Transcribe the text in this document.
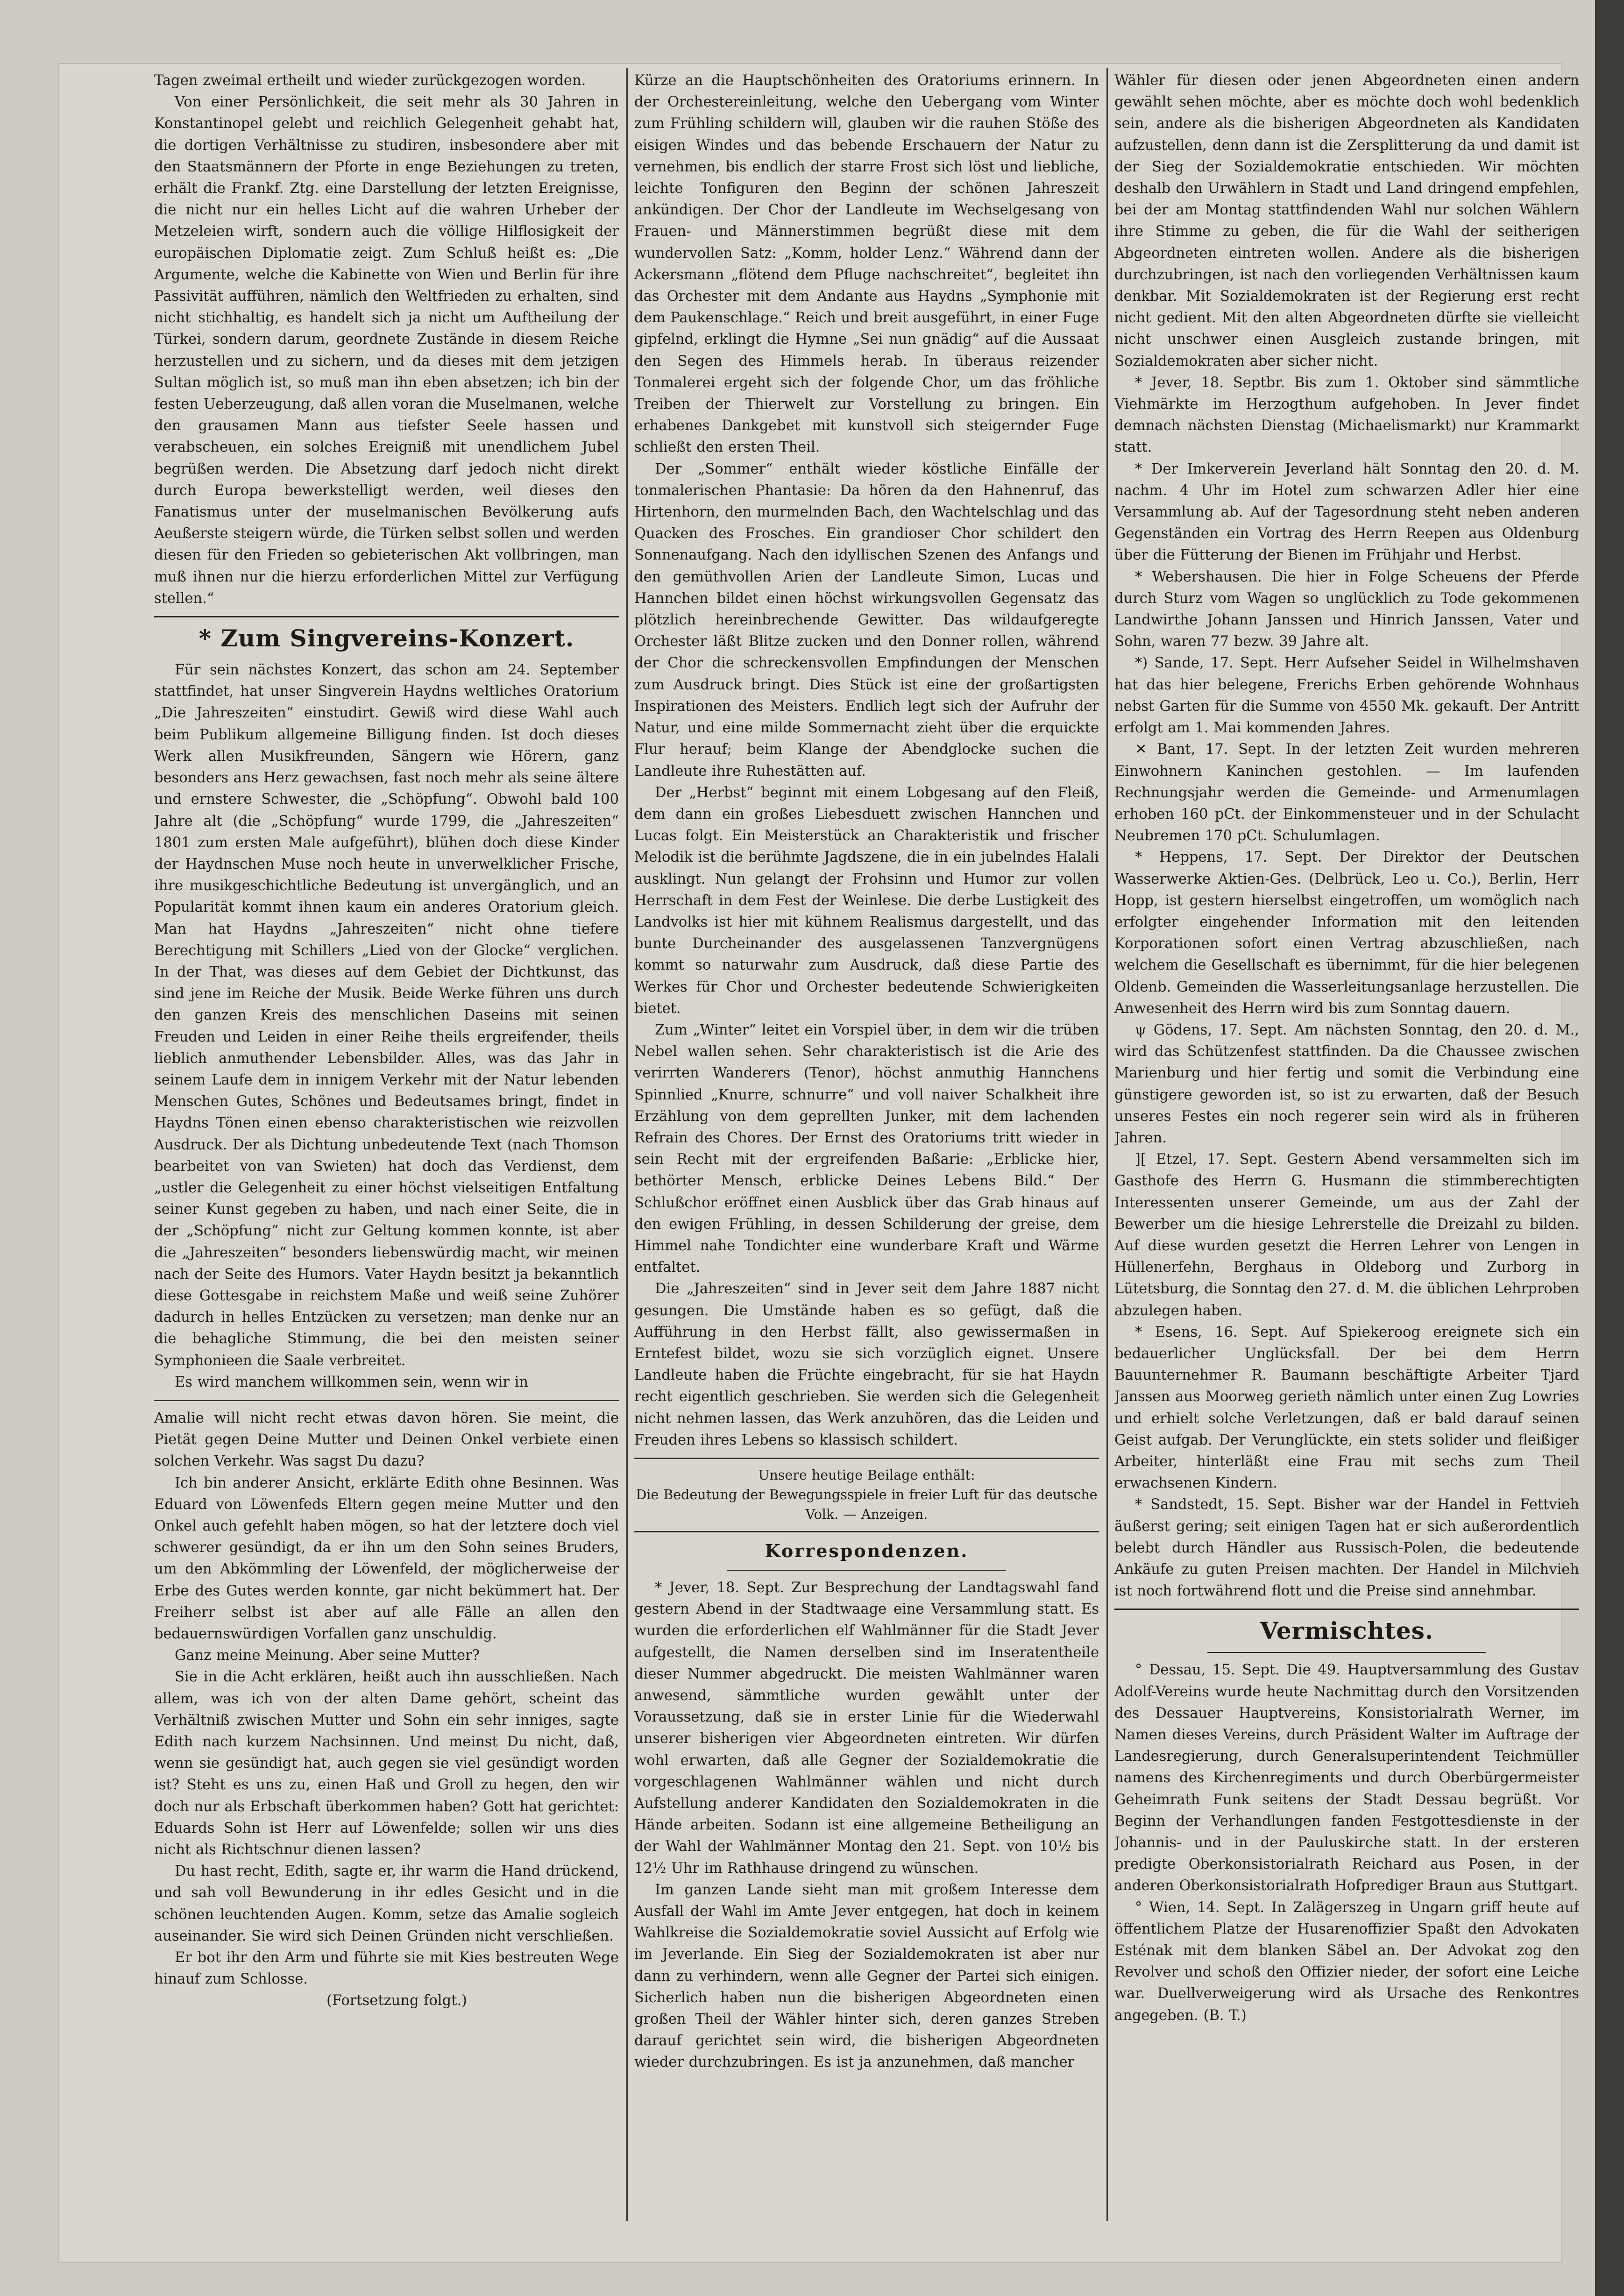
Tagen zweimal ertheilt und wieder zurückgezogen worden.

Von einer Persönlichkeit, die seit mehr als 30 Jahren in Konstantinopel gelebt und reichlich Gelegenheit gehabt hat, die dortigen Verhältnisse zu studiren, insbesondere aber mit den Staatsmännern der Pforte in enge Beziehungen zu treten, erhält die Frankf. Ztg. eine Darstellung der letzten Ereignisse, die nicht nur ein helles Licht auf die wahren Urheber der Metzeleien wirft, sondern auch die völlige Hilflosigkeit der europäischen Diplomatie zeigt. Zum Schluß heißt es: „Die Argumente, welche die Kabinette von Wien und Berlin für ihre Passivität aufführen, nämlich den Weltfrieden zu erhalten, sind nicht stichhaltig, es handelt sich ja nicht um Auftheilung der Türkei, sondern darum, geordnete Zustände in diesem Reiche herzustellen und zu sichern, und da dieses mit dem jetzigen Sultan möglich ist, so muß man ihn eben absetzen; ich bin der festen Ueberzeugung, daß allen voran die Muselmanen, welche den grausamen Mann aus tiefster Seele hassen und verabscheuen, ein solches Ereigniß mit unendlichem Jubel begrüßen werden. Die Absetzung darf jedoch nicht direkt durch Europa bewerkstelligt werden, weil dieses den Fanatismus unter der muselmanischen Bevölkerung aufs Aeußerste steigern würde, die Türken selbst sollen und werden diesen für den Frieden so gebieterischen Akt vollbringen, man muß ihnen nur die hierzu erforderlichen Mittel zur Verfügung stellen.“

* Zum Singvereins-Konzert.

Für sein nächstes Konzert, das schon am 24. September stattfindet, hat unser Singverein Haydns weltliches Oratorium „Die Jahreszeiten“ einstudirt. Gewiß wird diese Wahl auch beim Publikum allgemeine Billigung finden. Ist doch dieses Werk allen Musikfreunden, Sängern wie Hörern, ganz besonders ans Herz gewachsen, fast noch mehr als seine ältere und ernstere Schwester, die „Schöpfung“. Obwohl bald 100 Jahre alt (die „Schöpfung“ wurde 1799, die „Jahreszeiten“ 1801 zum ersten Male aufgeführt), blühen doch diese Kinder der Haydnschen Muse noch heute in unverwelklicher Frische, ihre musikgeschichtliche Bedeutung ist unvergänglich, und an Popularität kommt ihnen kaum ein anderes Oratorium gleich. Man hat Haydns „Jahreszeiten“ nicht ohne tiefere Berechtigung mit Schillers „Lied von der Glocke“ verglichen. In der That, was dieses auf dem Gebiet der Dichtkunst, das sind jene im Reiche der Musik. Beide Werke führen uns durch den ganzen Kreis des menschlichen Daseins mit seinen Freuden und Leiden in einer Reihe theils ergreifender, theils lieblich anmuthender Lebensbilder. Alles, was das Jahr in seinem Laufe dem in innigem Verkehr mit der Natur lebenden Menschen Gutes, Schönes und Bedeutsames bringt, findet in Haydns Tönen einen ebenso charakteristischen wie reizvollen Ausdruck. Der als Dichtung unbedeutende Text (nach Thomson bearbeitet von van Swieten) hat doch das Verdienst, dem „ustler die Gelegenheit zu einer höchst vielseitigen Entfaltung seiner Kunst gegeben zu haben, und nach einer Seite, die in der „Schöpfung“ nicht zur Geltung kommen konnte, ist aber die „Jahreszeiten“ besonders liebenswürdig macht, wir meinen nach der Seite des Humors. Vater Haydn besitzt ja bekanntlich diese Gottesgabe in reichstem Maße und weiß seine Zuhörer dadurch in helles Entzücken zu versetzen; man denke nur an die behagliche Stimmung, die bei den meisten seiner Symphonieen die Saale verbreitet.

Es wird manchem willkommen sein, wenn wir in

Amalie will nicht recht etwas davon hören. Sie meint, die Pietät gegen Deine Mutter und Deinen Onkel verbiete einen solchen Verkehr. Was sagst Du dazu?

Ich bin anderer Ansicht, erklärte Edith ohne Besinnen. Was Eduard von Löwenfeds Eltern gegen meine Mutter und den Onkel auch gefehlt haben mögen, so hat der letztere doch viel schwerer gesündigt, da er ihn um den Sohn seines Bruders, um den Abkömmling der Löwenfeld, der möglicherweise der Erbe des Gutes werden konnte, gar nicht bekümmert hat. Der Freiherr selbst ist aber auf alle Fälle an allen den bedauernswürdigen Vorfallen ganz unschuldig.

Ganz meine Meinung. Aber seine Mutter?

Sie in die Acht erklären, heißt auch ihn ausschließen. Nach allem, was ich von der alten Dame gehört, scheint das Verhältniß zwischen Mutter und Sohn ein sehr inniges, sagte Edith nach kurzem Nachsinnen. Und meinst Du nicht, daß, wenn sie gesündigt hat, auch gegen sie viel gesündigt worden ist? Steht es uns zu, einen Haß und Groll zu hegen, den wir doch nur als Erbschaft überkommen haben? Gott hat gerichtet: Eduards Sohn ist Herr auf Löwenfelde; sollen wir uns dies nicht als Richtschnur dienen lassen?

Du hast recht, Edith, sagte er, ihr warm die Hand drückend, und sah voll Bewunderung in ihr edles Gesicht und in die schönen leuchtenden Augen. Komm, setze das Amalie sogleich auseinander. Sie wird sich Deinen Gründen nicht verschließen.

Er bot ihr den Arm und führte sie mit Kies bestreuten Wege hinauf zum Schlosse.

(Fortsetzung folgt.)

Kürze an die Hauptschönheiten des Oratoriums erinnern. In der Orchestereinleitung, welche den Uebergang vom Winter zum Frühling schildern will, glauben wir die rauhen Stöße des eisigen Windes und das bebende Erschauern der Natur zu vernehmen, bis endlich der starre Frost sich löst und liebliche, leichte Tonfiguren den Beginn der schönen Jahreszeit ankündigen. Der Chor der Landleute im Wechselgesang von Frauen- und Männerstimmen begrüßt diese mit dem wundervollen Satz: „Komm, holder Lenz.“ Während dann der Ackersmann „flötend dem Pfluge nachschreitet“, begleitet ihn das Orchester mit dem Andante aus Haydns „Symphonie mit dem Paukenschlage.“ Reich und breit ausgeführt, in einer Fuge gipfelnd, erklingt die Hymne „Sei nun gnädig“ auf die Aussaat den Segen des Himmels herab. In überaus reizender Tonmalerei ergeht sich der folgende Chor, um das fröhliche Treiben der Thierwelt zur Vorstellung zu bringen. Ein erhabenes Dankgebet mit kunstvoll sich steigernder Fuge schließt den ersten Theil.

Der „Sommer“ enthält wieder köstliche Einfälle der tonmalerischen Phantasie: Da hören da den Hahnenruf, das Hirtenhorn, den murmelnden Bach, den Wachtelschlag und das Quacken des Frosches. Ein grandioser Chor schildert den Sonnenaufgang. Nach den idyllischen Szenen des Anfangs und den gemüthvollen Arien der Landleute Simon, Lucas und Hannchen bildet einen höchst wirkungsvollen Gegensatz das plötzlich hereinbrechende Gewitter. Das wildaufgeregte Orchester läßt Blitze zucken und den Donner rollen, während der Chor die schreckensvollen Empfindungen der Menschen zum Ausdruck bringt. Dies Stück ist eine der großartigsten Inspirationen des Meisters. Endlich legt sich der Aufruhr der Natur, und eine milde Sommernacht zieht über die erquickte Flur herauf; beim Klange der Abendglocke suchen die Landleute ihre Ruhestätten auf.

Der „Herbst“ beginnt mit einem Lobgesang auf den Fleiß, dem dann ein großes Liebesduett zwischen Hannchen und Lucas folgt. Ein Meisterstück an Charakteristik und frischer Melodik ist die berühmte Jagdszene, die in ein jubelndes Halali ausklingt. Nun gelangt der Frohsinn und Humor zur vollen Herrschaft in dem Fest der Weinlese. Die derbe Lustigkeit des Landvolks ist hier mit kühnem Realismus dargestellt, und das bunte Durcheinander des ausgelassenen Tanzvergnügens kommt so naturwahr zum Ausdruck, daß diese Partie des Werkes für Chor und Orchester bedeutende Schwierigkeiten bietet.

Zum „Winter“ leitet ein Vorspiel über, in dem wir die trüben Nebel wallen sehen. Sehr charakteristisch ist die Arie des verirrten Wanderers (Tenor), höchst anmuthig Hannchens Spinnlied „Knurre, schnurre“ und voll naiver Schalkheit ihre Erzählung von dem geprellten Junker, mit dem lachenden Refrain des Chores. Der Ernst des Oratoriums tritt wieder in sein Recht mit der ergreifenden Baßarie: „Erblicke hier, bethörter Mensch, erblicke Deines Lebens Bild.“ Der Schlußchor eröffnet einen Ausblick über das Grab hinaus auf den ewigen Frühling, in dessen Schilderung der greise, dem Himmel nahe Tondichter eine wunderbare Kraft und Wärme entfaltet.

Die „Jahreszeiten“ sind in Jever seit dem Jahre 1887 nicht gesungen. Die Umstände haben es so gefügt, daß die Aufführung in den Herbst fällt, also gewissermaßen in Erntefest bildet, wozu sie sich vorzüglich eignet. Unsere Landleute haben die Früchte eingebracht, für sie hat Haydn recht eigentlich geschrieben. Sie werden sich die Gelegenheit nicht nehmen lassen, das Werk anzuhören, das die Leiden und Freuden ihres Lebens so klassisch schildert.

Unsere heutige Beilage enthält:
Die Bedeutung der Bewegungsspiele in freier Luft für das deutsche Volk. — Anzeigen.
Korrespondenzen.

* Jever, 18. Sept. Zur Besprechung der Landtagswahl fand gestern Abend in der Stadtwaage eine Versammlung statt. Es wurden die erforderlichen elf Wahlmänner für die Stadt Jever aufgestellt, die Namen derselben sind im Inseratentheile dieser Nummer abgedruckt. Die meisten Wahlmänner waren anwesend, sämmtliche wurden gewählt unter der Voraussetzung, daß sie in erster Linie für die Wiederwahl unserer bisherigen vier Abgeordneten eintreten. Wir dürfen wohl erwarten, daß alle Gegner der Sozialdemokratie die vorgeschlagenen Wahlmänner wählen und nicht durch Aufstellung anderer Kandidaten den Sozialdemokraten in die Hände arbeiten. Sodann ist eine allgemeine Betheiligung an der Wahl der Wahlmänner Montag den 21. Sept. von 10½ bis 12½ Uhr im Rathhause dringend zu wünschen.

Im ganzen Lande sieht man mit großem Interesse dem Ausfall der Wahl im Amte Jever entgegen, hat doch in keinem Wahlkreise die Sozialdemokratie soviel Aussicht auf Erfolg wie im Jeverlande. Ein Sieg der Sozialdemokraten ist aber nur dann zu verhindern, wenn alle Gegner der Partei sich einigen. Sicherlich haben nun die bisherigen Abgeordneten einen großen Theil der Wähler hinter sich, deren ganzes Streben darauf gerichtet sein wird, die bisherigen Abgeordneten wieder durchzubringen. Es ist ja anzunehmen, daß mancher

Wähler für diesen oder jenen Abgeordneten einen andern gewählt sehen möchte, aber es möchte doch wohl bedenklich sein, andere als die bisherigen Abgeordneten als Kandidaten aufzustellen, denn dann ist die Zersplitterung da und damit ist der Sieg der Sozialdemokratie entschieden. Wir möchten deshalb den Urwählern in Stadt und Land dringend empfehlen, bei der am Montag stattfindenden Wahl nur solchen Wählern ihre Stimme zu geben, die für die Wahl der seitherigen Abgeordneten eintreten wollen. Andere als die bisherigen durchzubringen, ist nach den vorliegenden Verhältnissen kaum denkbar. Mit Sozialdemokraten ist der Regierung erst recht nicht gedient. Mit den alten Abgeordneten dürfte sie vielleicht nicht unschwer einen Ausgleich zustande bringen, mit Sozialdemokraten aber sicher nicht.

* Jever, 18. Septbr. Bis zum 1. Oktober sind sämmtliche Viehmärkte im Herzogthum aufgehoben. In Jever findet demnach nächsten Dienstag (Michaelismarkt) nur Krammarkt statt.

* Der Imkerverein Jeverland hält Sonntag den 20. d. M. nachm. 4 Uhr im Hotel zum schwarzen Adler hier eine Versammlung ab. Auf der Tagesordnung steht neben anderen Gegenständen ein Vortrag des Herrn Reepen aus Oldenburg über die Fütterung der Bienen im Frühjahr und Herbst.

* Webershausen. Die hier in Folge Scheuens der Pferde durch Sturz vom Wagen so unglücklich zu Tode gekommenen Landwirthe Johann Janssen und Hinrich Janssen, Vater und Sohn, waren 77 bezw. 39 Jahre alt.

*) Sande, 17. Sept. Herr Aufseher Seidel in Wilhelmshaven hat das hier belegene, Frerichs Erben gehörende Wohnhaus nebst Garten für die Summe von 4550 Mk. gekauft. Der Antritt erfolgt am 1. Mai kommenden Jahres.

✕ Bant, 17. Sept. In der letzten Zeit wurden mehreren Einwohnern Kaninchen gestohlen. — Im laufenden Rechnungsjahr werden die Gemeinde- und Armenumlagen erhoben 160 pCt. der Einkommensteuer und in der Schulacht Neubremen 170 pCt. Schulumlagen.

* Heppens, 17. Sept. Der Direktor der Deutschen Wasserwerke Aktien-Ges. (Delbrück, Leo u. Co.), Berlin, Herr Hopp, ist gestern hierselbst eingetroffen, um womöglich nach erfolgter eingehender Information mit den leitenden Korporationen sofort einen Vertrag abzuschließen, nach welchem die Gesellschaft es übernimmt, für die hier belegenen Oldenb. Gemeinden die Wasserleitungsanlage herzustellen. Die Anwesenheit des Herrn wird bis zum Sonntag dauern.

ψ Gödens, 17. Sept. Am nächsten Sonntag, den 20. d. M., wird das Schützenfest stattfinden. Da die Chaussee zwischen Marienburg und hier fertig und somit die Verbindung eine günstigere geworden ist, so ist zu erwarten, daß der Besuch unseres Festes ein noch regerer sein wird als in früheren Jahren.

][ Etzel, 17. Sept. Gestern Abend versammelten sich im Gasthofe des Herrn G. Husmann die stimmberechtigten Interessenten unserer Gemeinde, um aus der Zahl der Bewerber um die hiesige Lehrerstelle die Dreizahl zu bilden. Auf diese wurden gesetzt die Herren Lehrer von Lengen in Hüllenerfehn, Berghaus in Oldeborg und Zurborg in Lütetsburg, die Sonntag den 27. d. M. die üblichen Lehrproben abzulegen haben.

* Esens, 16. Sept. Auf Spiekeroog ereignete sich ein bedauerlicher Unglücksfall. Der bei dem Herrn Bauunternehmer R. Baumann beschäftigte Arbeiter Tjard Janssen aus Moorweg gerieth nämlich unter einen Zug Lowries und erhielt solche Verletzungen, daß er bald darauf seinen Geist aufgab. Der Verunglückte, ein stets solider und fleißiger Arbeiter, hinterläßt eine Frau mit sechs zum Theil erwachsenen Kindern.

* Sandstedt, 15. Sept. Bisher war der Handel in Fettvieh äußerst gering; seit einigen Tagen hat er sich außerordentlich belebt durch Händler aus Russisch-Polen, die bedeutende Ankäufe zu guten Preisen machten. Der Handel in Milchvieh ist noch fortwährend flott und die Preise sind annehmbar.

Vermischtes.

° Dessau, 15. Sept. Die 49. Hauptversammlung des Gustav Adolf-Vereins wurde heute Nachmittag durch den Vorsitzenden des Dessauer Hauptvereins, Konsistorialrath Werner, im Namen dieses Vereins, durch Präsident Walter im Auftrage der Landesregierung, durch Generalsuperintendent Teichmüller namens des Kirchenregiments und durch Oberbürgermeister Geheimrath Funk seitens der Stadt Dessau begrüßt. Vor Beginn der Verhandlungen fanden Festgottesdienste in der Johannis- und in der Pauluskirche statt. In der ersteren predigte Oberkonsistorialrath Reichard aus Posen, in der anderen Oberkonsistorialrath Hofprediger Braun aus Stuttgart.

° Wien, 14. Sept. In Zalägerszeg in Ungarn griff heute auf öffentlichem Platze der Husarenoffizier Spaßt den Advokaten Esténak mit dem blanken Säbel an. Der Advokat zog den Revolver und schoß den Offizier nieder, der sofort eine Leiche war. Duellverweigerung wird als Ursache des Renkontres angegeben. (B. T.)
